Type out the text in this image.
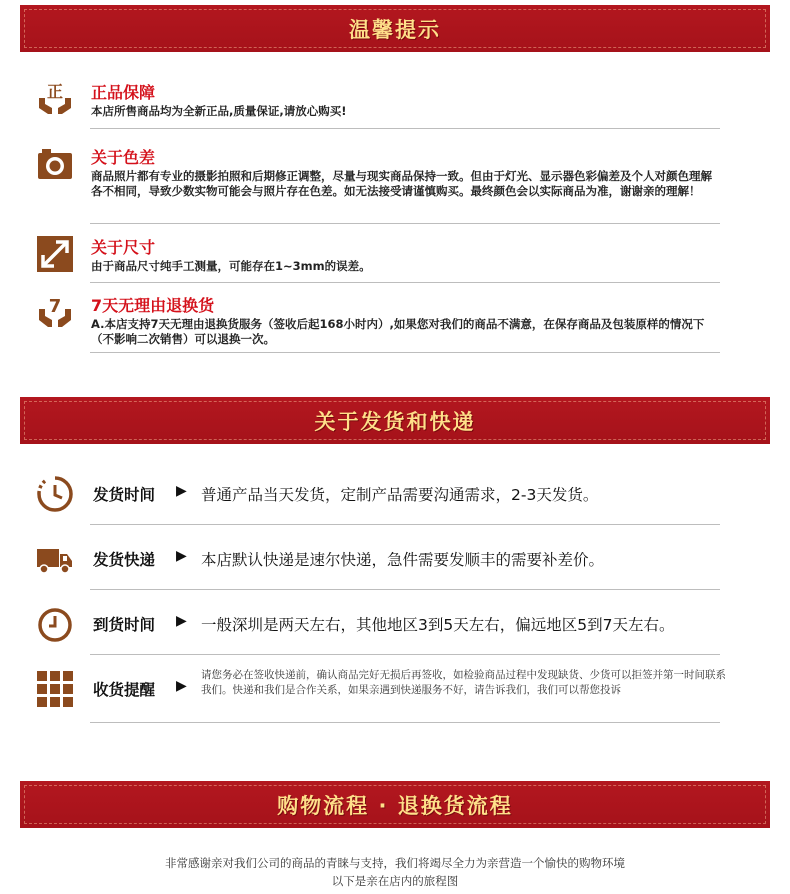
温馨提示
正 正品保障
本店所售商品均为全新正品,质量保证,请放心购买!
关于色差
商品照片都有专业的摄影拍照和后期修正调整，尽量与现实商品保持一致。但由于灯光、显示器色彩偏差及个人对颜色理解各不相同，导致少数实物可能会与照片存在色差。如无法接受请谨慎购买。最终颜色会以实际商品为准，谢谢亲的理解！
关于尺寸
由于商品尺寸纯手工测量，可能存在1~3mm的误差。
7 7天无理由退换货
A.本店支持7天无理由退换货服务（签收后起168小时内）,如果您对我们的商品不满意，在保存商品及包装原样的情况下（不影响二次销售）可以退换一次。
关于发货和快递
发货时间 ▶ 普通产品当天发货，定制产品需要沟通需求，2-3天发货。
发货快递 ▶ 本店默认快递是速尔快递，急件需要发顺丰的需要补差价。
到货时间 ▶ 一般深圳是两天左右，其他地区3到5天左右，偏远地区5到7天左右。
收货提醒 ▶
请您务必在签收快递前，确认商品完好无损后再签收，如检验商品过程中发现缺货、少货可以拒签并第一时间联系我们。快递和我们是合作关系，如果亲遇到快递服务不好，请告诉我们，我们可以帮您投诉
购物流程 · 退换货流程
非常感谢亲对我们公司的商品的青睐与支持，我们将竭尽全力为亲营造一个愉快的购物环境
以下是亲在店内的旅程图
